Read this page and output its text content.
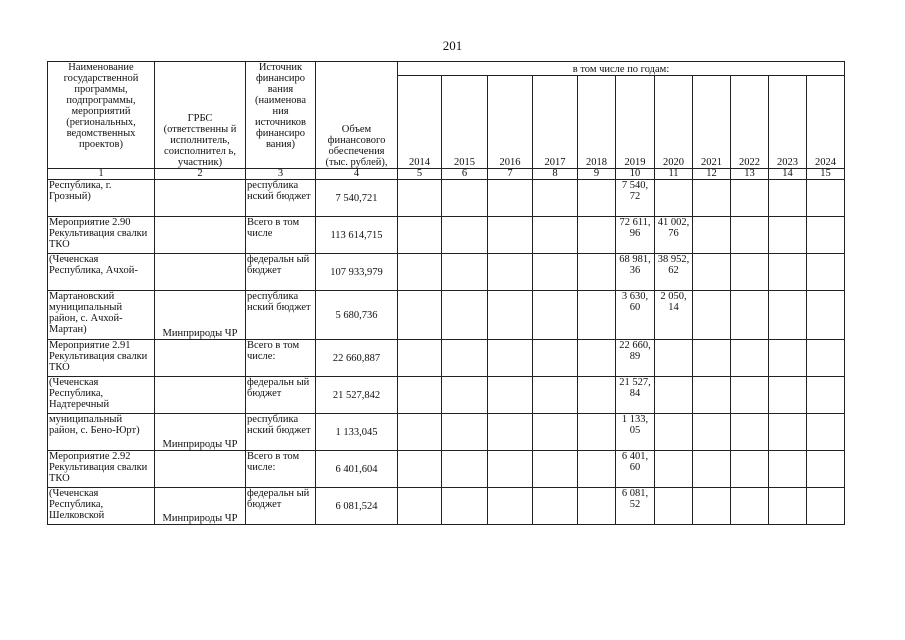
201
Наименование государственной программы, подпрограммы, мероприятий (региональных, ведомственных проектов)	ГРБС (ответственны й исполнитель, соисполнител ь, участник)	Источник финансиро вания (наименова ния источников финансиро вания)	Объем финансового обеспечения (тыс. рублей),	в том числе по годам:										
				2014	2015	2016	2017	2018	2019	2020	2021	2022	2023	2024
1	2	3	4	5	6	7	8	9	10	11	12	13	14	15
Республика, г. Грозный)		республика нский бюджет	7 540,721						7 540, 72					
Мероприятие 2.90 Рекультивация свалки ТКО		Всего в том числе	113 614,715						72 611, 96	41 002, 76				
(Чеченская Республика, Ачхой-		федеральн ый бюджет	107 933,979						68 981, 36	38 952, 62				
Мартановский муниципальный район, с. Ачхой-Мартан)	Минприроды ЧР	республика нский бюджет	5 680,736						3 630, 60	2 050, 14				
Мероприятие 2.91 Рекультивация свалки ТКО		Всего в том числе:	22 660,887						22 660, 89					
(Чеченская Республика, Надтеречный		федеральн ый бюджет	21 527,842						21 527, 84					
муниципальный район, с. Бено-Юрт)	Минприроды ЧР	республика нский бюджет	1 133,045						1 133, 05					
Мероприятие 2.92 Рекультивация свалки ТКО		Всего в том числе:	6 401,604						6 401, 60					
(Чеченская Республика, Шелковской	Минприроды ЧР	федеральн ый бюджет	6 081,524						6 081, 52					
